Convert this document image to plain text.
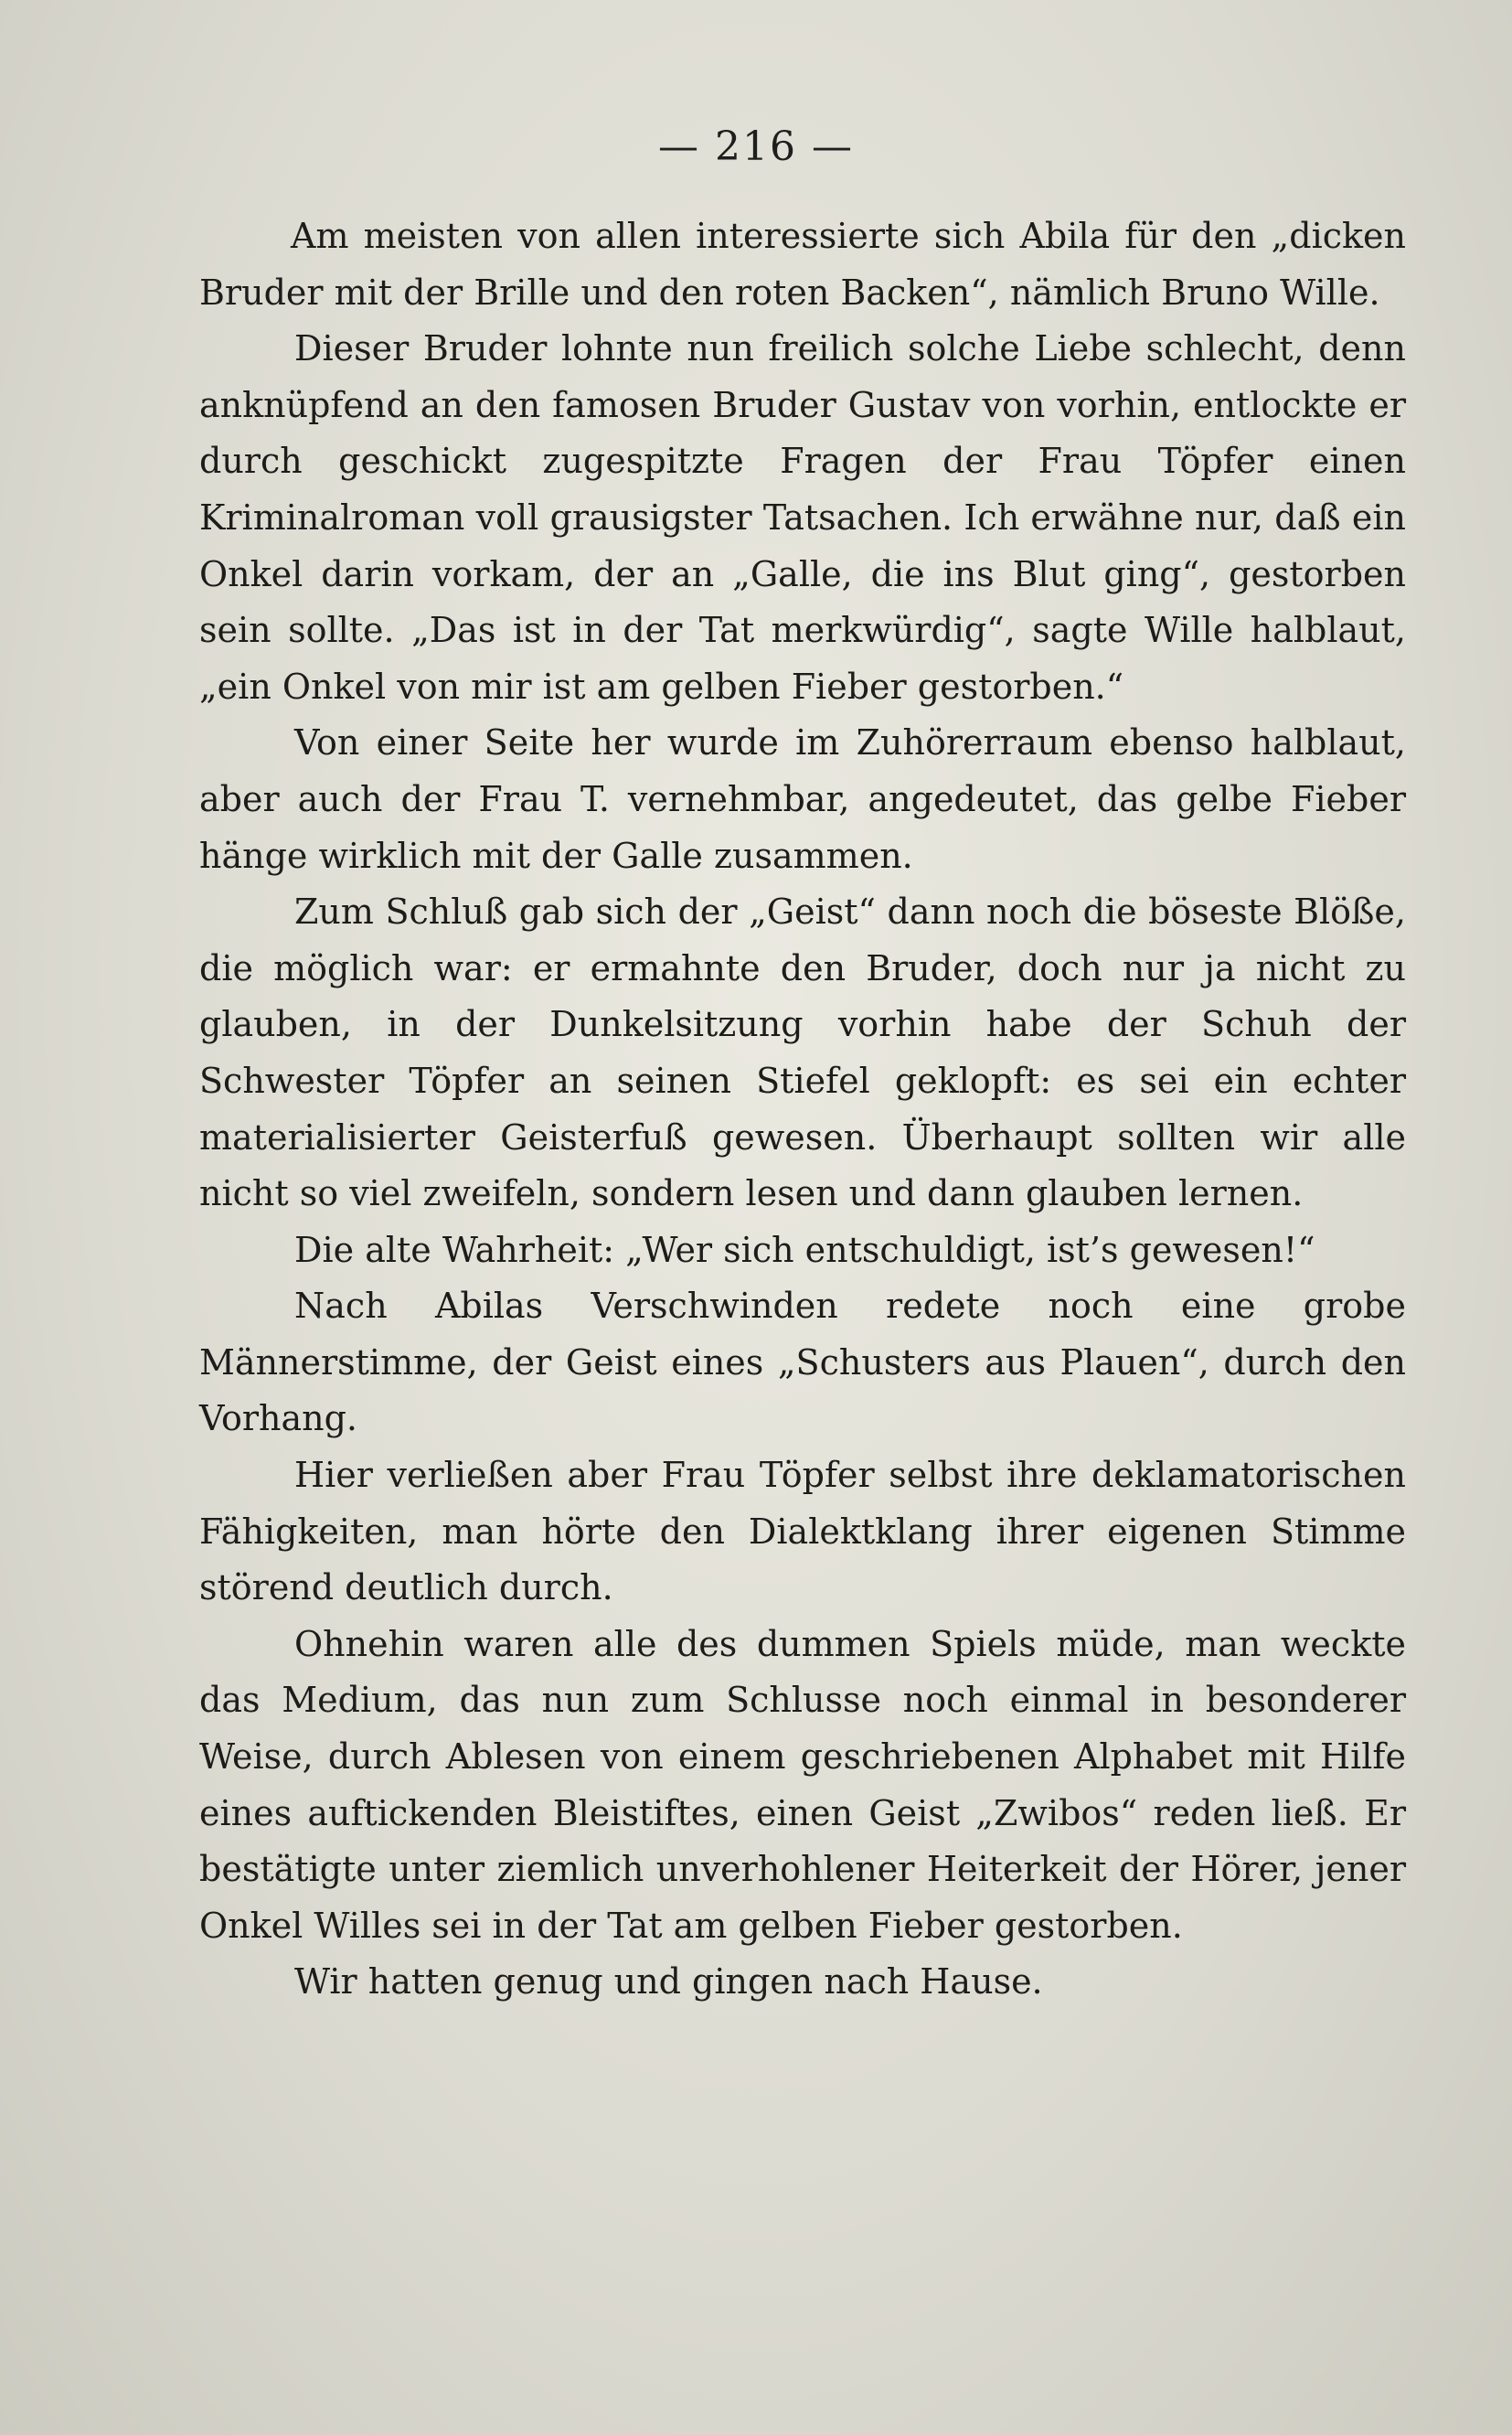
— 216 —

Am meisten von allen interessierte sich Abila für den „dicken Bruder mit der Brille und den roten Backen“, nämlich Bruno Wille.

Dieser Bruder lohnte nun freilich solche Liebe schlecht, denn anknüpfend an den famosen Bruder Gustav von vorhin, entlockte er durch geschickt zugespitzte Fragen der Frau Töpfer einen Kriminalroman voll grausigster Tatsachen. Ich erwähne nur, daß ein Onkel darin vorkam, der an „Galle, die ins Blut ging“, gestorben sein sollte. „Das ist in der Tat merkwürdig“, sagte Wille halblaut, „ein Onkel von mir ist am gelben Fieber gestorben.“

Von einer Seite her wurde im Zuhörerraum ebenso halblaut, aber auch der Frau T. vernehmbar, angedeutet, das gelbe Fieber hänge wirklich mit der Galle zusammen.

Zum Schluß gab sich der „Geist“ dann noch die böseste Blöße, die möglich war: er ermahnte den Bruder, doch nur ja nicht zu glauben, in der Dunkelsitzung vorhin habe der Schuh der Schwester Töpfer an seinen Stiefel geklopft: es sei ein echter materialisierter Geisterfuß gewesen. Überhaupt sollten wir alle nicht so viel zweifeln, sondern lesen und dann glauben lernen.

Die alte Wahrheit: „Wer sich entschuldigt, ist’s gewesen!“

Nach Abilas Verschwinden redete noch eine grobe Männerstimme, der Geist eines „Schusters aus Plauen“, durch den Vorhang.

Hier verließen aber Frau Töpfer selbst ihre deklamatorischen Fähigkeiten, man hörte den Dialektklang ihrer eigenen Stimme störend deutlich durch.

Ohnehin waren alle des dummen Spiels müde, man weckte das Medium, das nun zum Schlusse noch einmal in besonderer Weise, durch Ablesen von einem geschriebenen Alphabet mit Hilfe eines auftickenden Bleistiftes, einen Geist „Zwibos“ reden ließ. Er bestätigte unter ziemlich unverhohlener Heiterkeit der Hörer, jener Onkel Willes sei in der Tat am gelben Fieber gestorben.

Wir hatten genug und gingen nach Hause.
